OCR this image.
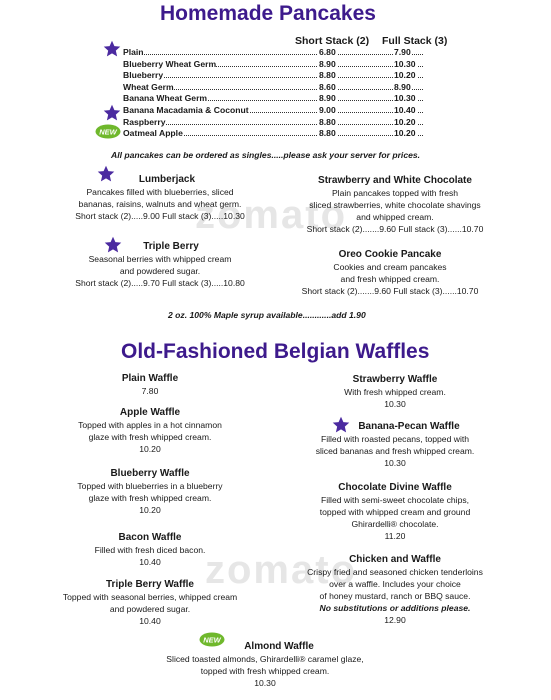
zomato
zomato
Homemade Pancakes
Short Stack (2) Full Stack (3)
Plain	6.80	7.90
Blueberry Wheat Germ	8.90	10.30
Blueberry	8.80	10.20
Wheat Germ	8.60	8.90
Banana Wheat Germ	8.90	10.30
Banana Macadamia & Coconut	9.00	10.40
Raspberry	8.80	10.20
Oatmeal Apple	8.80	10.20
NEW
All pancakes can be ordered as singles.....please ask your server for prices.
Lumberjack
Pancakes filled with blueberries, sliced
bananas, raisins, walnuts and wheat germ.
Short stack (2).....9.00 Full stack (3).....10.30
Strawberry and White Chocolate
Plain pancakes topped with fresh
sliced strawberries, white chocolate shavings
and whipped cream.
Short stack (2).......9.60 Full stack (3)......10.70
Triple Berry
Seasonal berries with whipped cream
and powdered sugar.
Short stack (2).....9.70 Full stack (3).....10.80
Oreo Cookie Pancake
Cookies and cream pancakes
and fresh whipped cream.
Short stack (2).......9.60 Full stack (3)......10.70
2 oz. 100% Maple syrup available............add 1.90
Old-Fashioned Belgian Waffles
Plain Waffle
7.80
Apple Waffle
Topped with apples in a hot cinnamon
glaze with fresh whipped cream.
10.20
Blueberry Waffle
Topped with blueberries in a blueberry
glaze with fresh whipped cream.
10.20
Bacon Waffle
Filled with fresh diced bacon.
10.40
Triple Berry Waffle
Topped with seasonal berries, whipped cream
and powdered sugar.
10.40
Strawberry Waffle
With fresh whipped cream.
10.30
Banana-Pecan Waffle
Filled with roasted pecans, topped with
sliced bananas and fresh whipped cream.
10.30
Chocolate Divine Waffle
Filled with semi-sweet chocolate chips,
topped with whipped cream and ground
Ghirardelli® chocolate.
11.20
Chicken and Waffle
Crispy fried and seasoned chicken tenderloins
over a waffle. Includes your choice
of honey mustard, ranch or BBQ sauce.
No substitutions or additions please.
12.90
NEW
Almond Waffle
Sliced toasted almonds, Ghirardelli® caramel glaze,
topped with fresh whipped cream.
10.30
